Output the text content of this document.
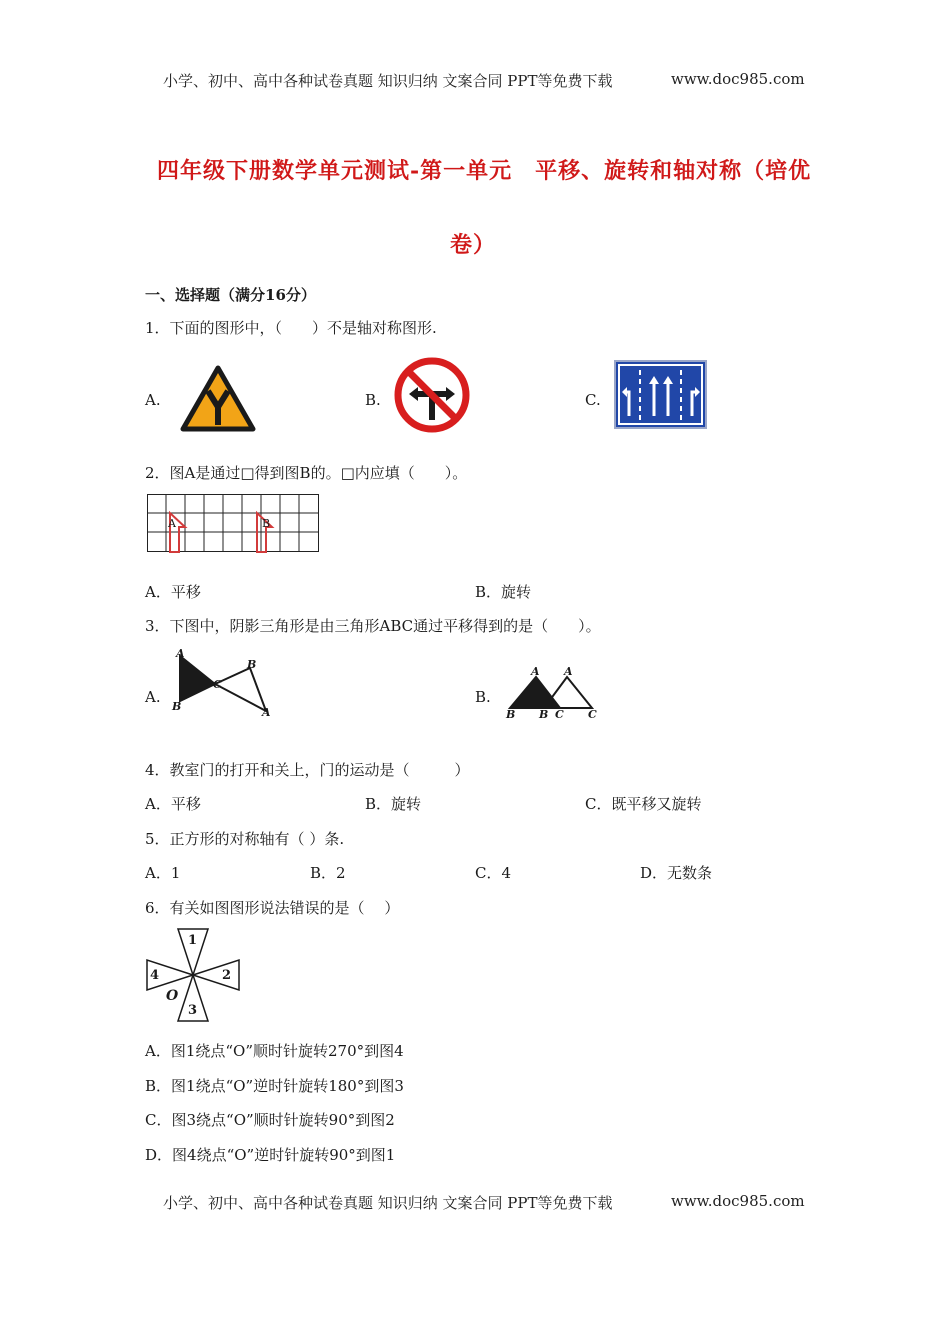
小学、初中、高中各种试卷真题 知识归纳 文案合同 PPT等免费下载	www.doc985.com
四年级下册数学单元测试-第一单元　平移、旋转和轴对称（培优
卷）
一、选择题（满分16分）
1．下面的图形中，（　　）不是轴对称图形.
A.	B.	C.
2．图A是通过□得到图B的。□内应填（　　）。
A	B
A．平移	B．旋转
3．下图中，阴影三角形是由三角形ABC通过平移得到的是（　　）。
A.
A
C
B
B	A
B.
A A
B B C C
4．教室门的打开和关上，门的运动是（　　　）
A．平移	B．旋转	C．既平移又旋转
5．正方形的对称轴有（ ）条.
A．1	B．2	C．4	D．无数条
6．有关如图图形说法错误的是（　 ）
1
2
3
4
O
A．图1绕点“O”顺时针旋转270°到图4
B．图1绕点“O”逆时针旋转180°到图3
C．图3绕点“O”顺时针旋转90°到图2
D．图4绕点“O”逆时针旋转90°到图1
小学、初中、高中各种试卷真题 知识归纳 文案合同 PPT等免费下载	www.doc985.com
